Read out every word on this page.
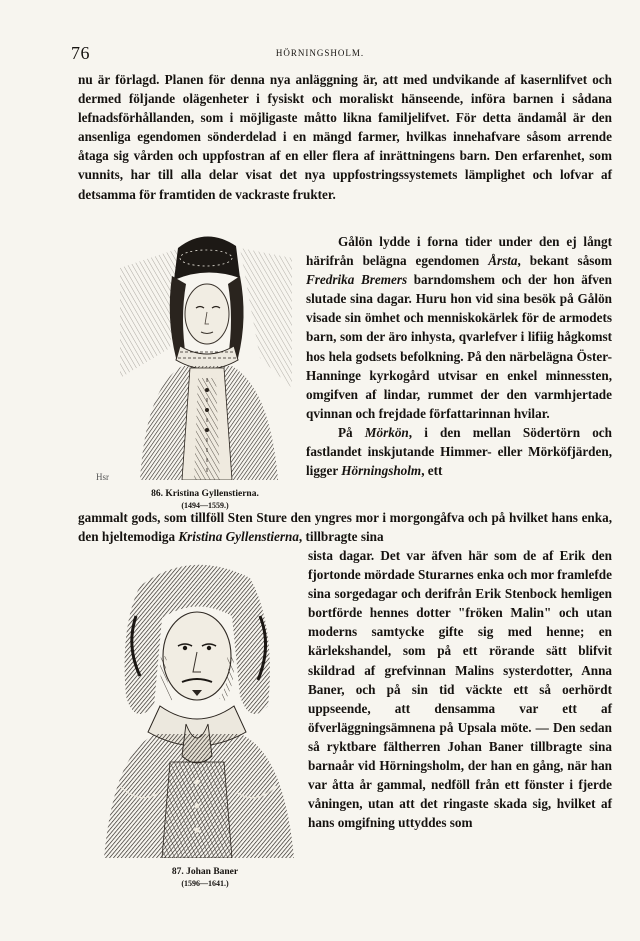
76	HÖRNINGSHOLM.

nu är förlagd. Planen för denna nya anläggning är, att med undvikande af kasernlifvet och dermed följande olägenheter i fysiskt och moraliskt hänseende, införa barnen i sådana lefnadsförhållanden, som i möjligaste måtto likna familjelifvet. För detta ändamål är den ansenliga egendomen sönderdelad i en mängd farmer, hvilkas innehafvare såsom arrende åtaga sig vården och uppfostran af en eller flera af inrättningens barn. Den erfarenhet, som vunnits, har till alla delar visat det nya uppfostringssystemets lämplighet och lofvar af detsamma för framtiden de vackraste frukter.

Hsr
86. Kristina Gyllenstierna.
(1494—1559.)

Gålön lydde i forna tider under den ej långt härifrån belägna egendomen Årsta, bekant såsom Fredrika Bremers barndomshem och der hon äfven slutade sina dagar. Huru hon vid sina besök på Gålön visade sin ömhet och menniskokärlek för de armodets barn, som der äro inhysta, qvarlefver i lifiig hågkomst hos hela godsets befolkning. På den närbelägna Öster-Hanninge kyrkogård utvisar en enkel minnessten, omgifven af lindar, rummet der den varmhjertade qvinnan och frejdade författarinnan hvilar.

På Mörkön, i den mellan Södertörn och fastlandet inskjutande Himmer- eller Mörköfjärden, ligger Hörningsholm, ett

gammalt gods, som tillföll Sten Sture den yngres mor i morgongåfva och på hvilket hans enka, den hjeltemodiga Kristina Gyllenstierna, tillbragte sina

87. Johan Baner
(1596—1641.)

sista dagar. Det var äfven här som de af Erik den fjortonde mördade Sturarnes enka och mor framlefde sina sorgedagar och derifrån Erik Stenbock hemligen bortförde hennes dotter "fröken Malin" och utan moderns samtycke gifte sig med henne; en kärlekshandel, som på ett rörande sätt blifvit skildrad af grefvinnan Malins systerdotter, Anna Baner, och på sin tid väckte ett så oerhördt uppseende, att densamma var ett af öfverläggningsämnena på Upsala möte. — Den sedan så ryktbare fältherren Johan Baner tillbragte sina barnaår vid Hörningsholm, der han en gång, när han var åtta år gammal, nedföll från ett fönster i fjerde våningen, utan att det ringaste skada sig, hvilket af hans omgifning uttyddes som
